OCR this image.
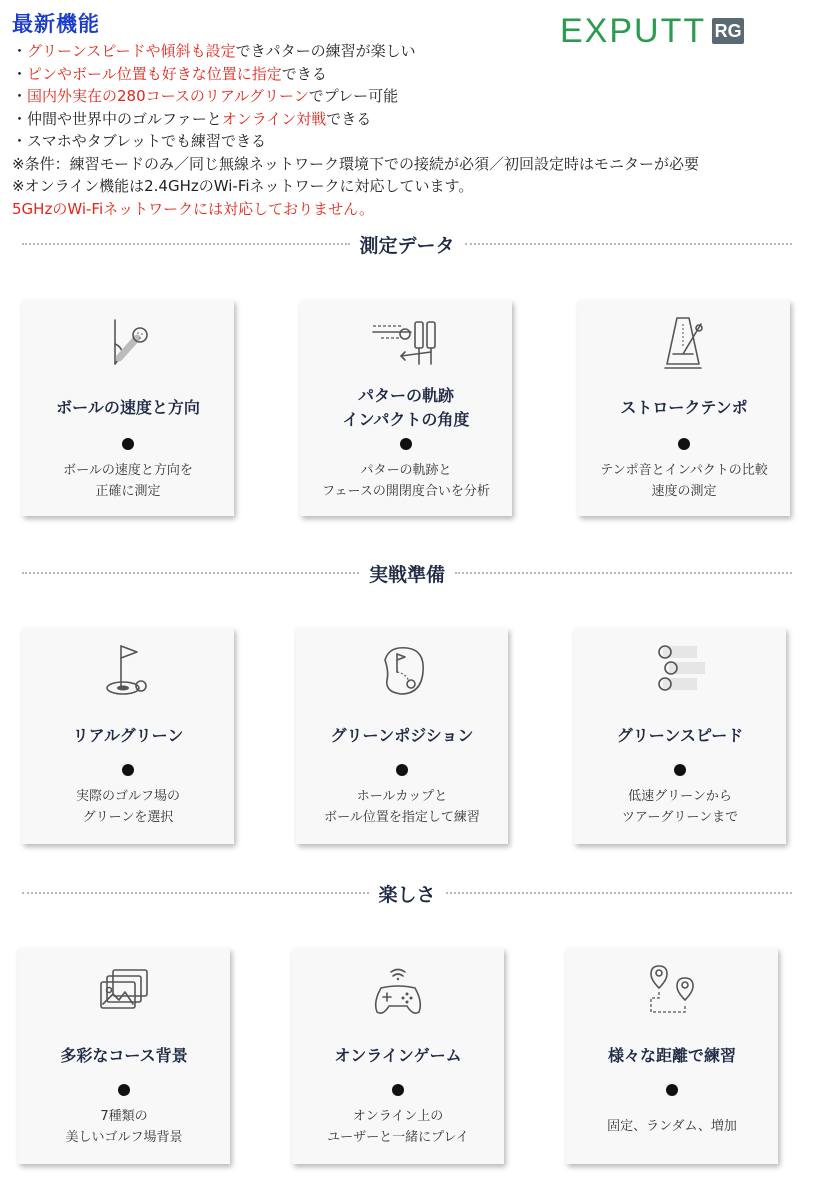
最新機能	EXPUTT RG
・グリーンスピードや傾斜も設定できパターの練習が楽しい
・ピンやボール位置も好きな位置に指定できる
・国内外実在の280コースのリアルグリーンでプレー可能
・仲間や世界中のゴルファーとオンライン対戦できる
・スマホやタブレットでも練習できる
※条件：練習モードのみ／同じ無線ネットワーク環境下での接続が必須／初回設定時はモニターが必要
※オンライン機能は2.4GHzのWi-Fiネットワークに対応しています。
5GHzのWi-Fiネットワークには対応しておりません。
測定データ
実戦準備
楽しさ
ボールの速度と方向
ボールの速度と方向を
正確に測定
パターの軌跡
インパクトの角度
パターの軌跡と
フェースの開閉度合いを分析
ストロークテンポ
テンポ音とインパクトの比較
速度の測定
リアルグリーン
実際のゴルフ場の
グリーンを選択
グリーンポジション
ホールカップと
ボール位置を指定して練習
グリーンスピード
低速グリーンから
ツアーグリーンまで
多彩なコース背景
7種類の
美しいゴルフ場背景
オンラインゲーム
オンライン上の
ユーザーと一緒にプレイ
様々な距離で練習
固定、ランダム、増加
